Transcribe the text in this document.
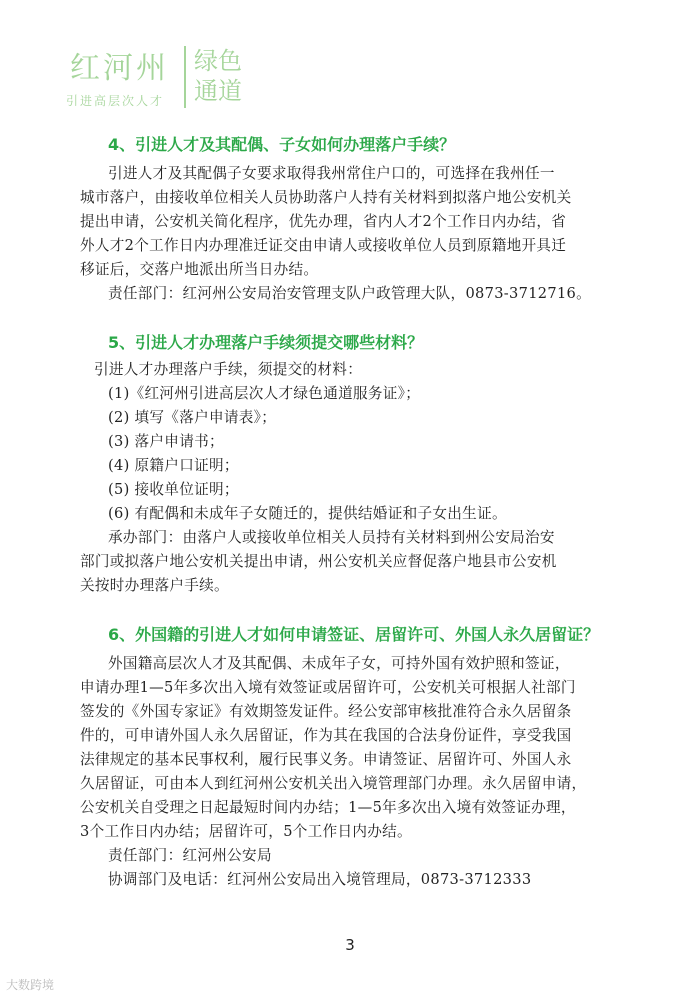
红河州 绿色
通道
引进高层次人才
4、引进人才及其配偶、子女如何办理落户手续？
引进人才及其配偶子女要求取得我州常住户口的，可选择在我州任一
城市落户，由接收单位相关人员协助落户人持有关材料到拟落户地公安机关
提出申请，公安机关简化程序，优先办理，省内人才2个工作日内办结，省
外人才2个工作日内办理准迁证交由申请人或接收单位人员到原籍地开具迁
移证后，交落户地派出所当日办结。
责任部门：红河州公安局治安管理支队户政管理大队，0873-3712716。
5、引进人才办理落户手续须提交哪些材料？
引进人才办理落户手续，须提交的材料：
(1)《红河州引进高层次人才绿色通道服务证》；
(2) 填写《落户申请表》；
(3) 落户申请书；
(4) 原籍户口证明；
(5) 接收单位证明；
(6) 有配偶和未成年子女随迁的，提供结婚证和子女出生证。
承办部门：由落户人或接收单位相关人员持有关材料到州公安局治安
部门或拟落户地公安机关提出申请，州公安机关应督促落户地县市公安机
关按时办理落户手续。
6、外国籍的引进人才如何申请签证、居留许可、外国人永久居留证？
外国籍高层次人才及其配偶、未成年子女，可持外国有效护照和签证，
申请办理1—5年多次出入境有效签证或居留许可，公安机关可根据人社部门
签发的《外国专家证》有效期签发证件。经公安部审核批准符合永久居留条
件的，可申请外国人永久居留证，作为其在我国的合法身份证件，享受我国
法律规定的基本民事权利，履行民事义务。申请签证、居留许可、外国人永
久居留证，可由本人到红河州公安机关出入境管理部门办理。永久居留申请，
公安机关自受理之日起最短时间内办结；1—5年多次出入境有效签证办理，
3个工作日内办结；居留许可，5个工作日内办结。
责任部门：红河州公安局
协调部门及电话：红河州公安局出入境管理局，0873-3712333
3
大数跨境
